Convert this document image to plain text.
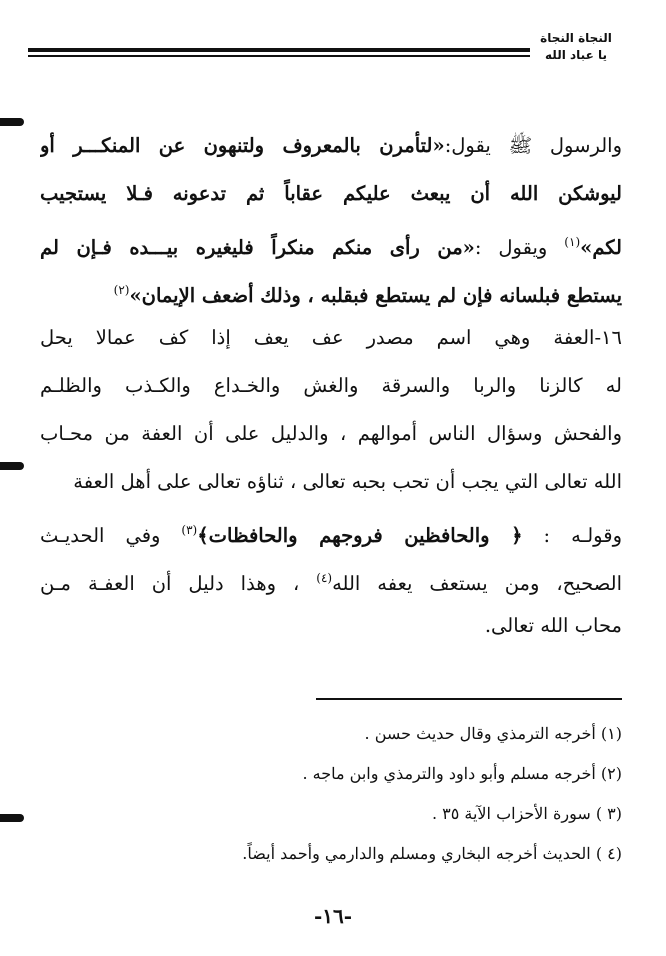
النجاة النجاة
يا عباد الله
والرسول ﷺ يقول:«لتأمرن بالمعروف ولتنهون عن المنكـــر أو
ليوشكن الله أن يبعث عليكم عقاباً ثم تدعونه فـلا يستجيب
لكم»$^{(١)}$ ويقول :«من رأى منكم منكراً فليغيره بيـــده فـإن لم
يستطع فبلسانه فإن لم يستطع فبقلبه ، وذلك أضعف الإيمان»$^{(٢)}$
١٦-العفة وهي اسم مصدر عف يعف إذا كف عمالا يحل
له كالزنا والربا والسرقة والغش والخـداع والكـذب والظلـم
والفحش وسؤال الناس أموالهم ، والدليل على أن العفة من محـاب
الله تعالى التي يجب أن تحب بحبه تعالى ، ثناؤه تعالى على أهل العفة
وقولـه : ﴿ والحافظين فروجهم والحافظات﴾$^{(٣)}$ وفي الحديـث
الصحيح، ومن يستعف يعفه الله$^{(٤)}$ ، وهذا دليل أن العفـة مـن
محاب الله تعالى.
(١) أخرجه الترمذي وقال حديث حسن .
(٢) أخرجه مسلم وأبو داود والترمذي وابن ماجه .
(٣ ) سورة الأحزاب الآية ٣٥ .
(٤ ) الحديث أخرجه البخاري ومسلم والدارمي وأحمد أيضاً.
-١٦-
